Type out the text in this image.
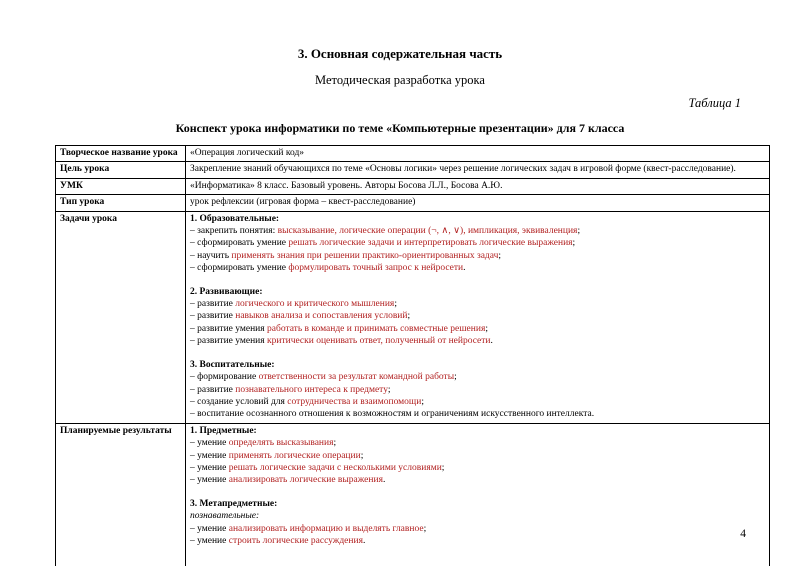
3. Основная содержательная часть
Методическая разработка урока
Таблица 1
Конспект урока информатики по теме «Компьютерные презентации» для 7 класса
Творческое название урока	«Операция логический код»

Цель урока	Закрепление знаний обучающихся по теме «Основы логики» через решение логических задач в игровой форме (квест-расследование).

УМК	«Информатика» 8 класс. Базовый уровень. Авторы Босова Л.Л., Босова А.Ю.

Тип урока	урок рефлексии (игровая форма – квест-расследование)

Задачи урока	1. Образовательные:
– закрепить понятия: высказывание, логические операции (¬, ∧, ∨), импликация, эквиваленция;
– сформировать умение решать логические задачи и интерпретировать логические выражения;
– научить применять знания при решении практико-ориентированных задач;
– сформировать умение формулировать точный запрос к нейросети.
2. Развивающие:
– развитие логического и критического мышления;
– развитие навыков анализа и сопоставления условий;
– развитие умения работать в команде и принимать совместные решения;
– развитие умения критически оценивать ответ, полученный от нейросети.
3. Воспитательные:
– формирование ответственности за результат командной работы;
– развитие познавательного интереса к предмету;
– создание условий для сотрудничества и взаимопомощи;
– воспитание осознанного отношения к возможностям и ограничениям искусственного интеллекта.

Планируемые результаты	1. Предметные:
– умение определять высказывания;
– умение применять логические операции;
– умение решать логические задачи с несколькими условиями;
– умение анализировать логические выражения.
3. Метапредметные:
познавательные:
– умение анализировать информацию и выделять главное;
– умение строить логические рассуждения.
4
